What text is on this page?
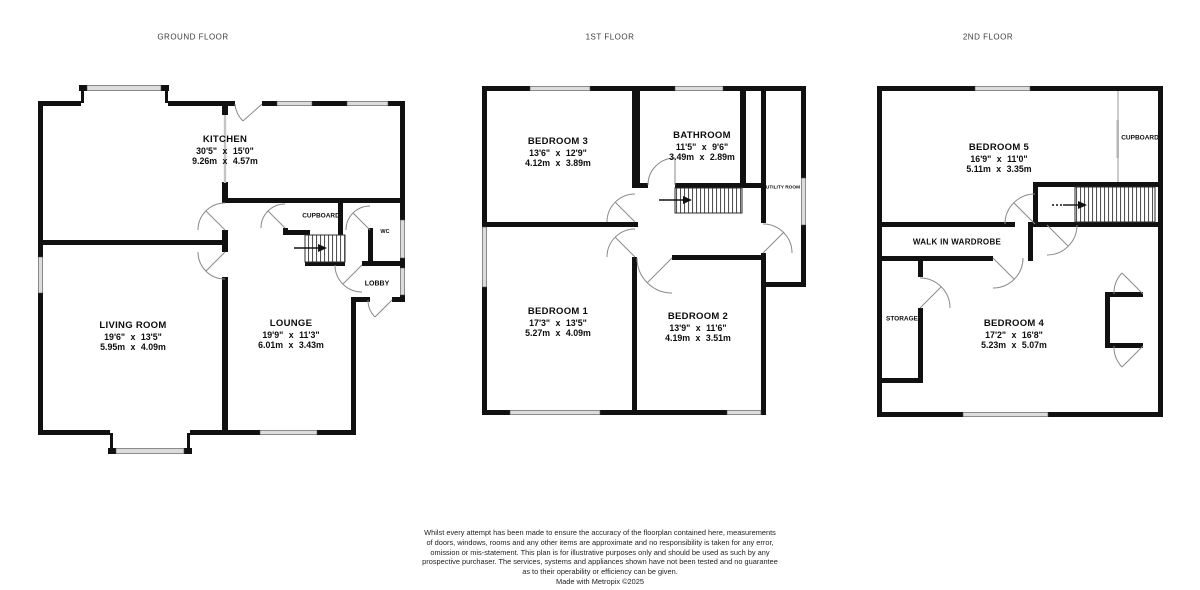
GROUND FLOOR	1ST FLOOR	2ND FLOOR
KITCHEN
30'5" x 15'0"
9.26m x 4.57m
LIVING ROOM
19'6" x 13'5"
5.95m x 4.09m
LOUNGE
19'9" x 11'3"
6.01m x 3.43m
CUPBOARD
WC
LOBBY
BEDROOM 3
13'6" x 12'9"
4.12m x 3.89m
BATHROOM
11'5" x 9'6"
3.49m x 2.89m
BEDROOM 1
17'3" x 13'5"
5.27m x 4.09m
BEDROOM 2
13'9" x 11'6"
4.19m x 3.51m
UTILITY ROOM
BEDROOM 5
16'9" x 11'0"
5.11m x 3.35m
BEDROOM 4
17'2" x 16'8"
5.23m x 5.07m
CUPBOARD
WALK IN WARDROBE
STORAGE
Whilst every attempt has been made to ensure the accuracy of the floorplan contained here, measurements
of doors, windows, rooms and any other items are approximate and no responsibility is taken for any error,
omission or mis-statement. This plan is for illustrative purposes only and should be used as such by any
prospective purchaser. The services, systems and appliances shown have not been tested and no guarantee
as to their operability or efficiency can be given.
Made with Metropix ©2025
